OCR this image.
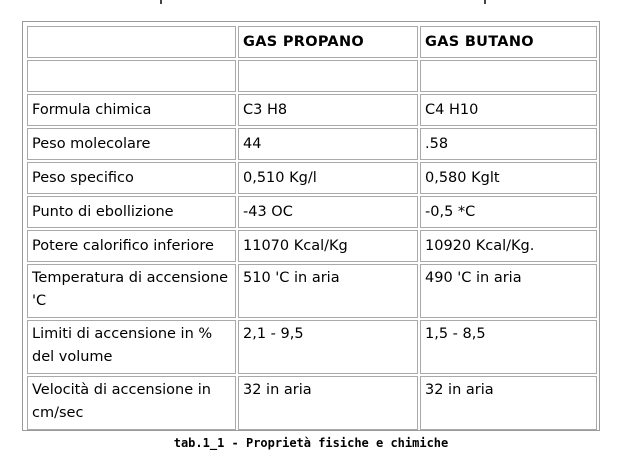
	GAS PROPANO	GAS BUTANO

Formula chimica	C3 H8	C4 H10
Peso molecolare	44	.58
Peso specifico	0,510 Kg/l	0,580 Kglt
Punto di ebollizione	-43 OC	-0,5 *C
Potere calorifico inferiore	11070 Kcal/Kg	10920 Kcal/Kg.
Temperatura di accensione 'C	510 'C in aria	490 'C in aria
Limiti di accensione in % del volume	2,1 - 9,5	1,5 - 8,5
Velocità di accensione in cm/sec	32 in aria	32 in aria
tab.1_1 - Proprietà fisiche e chimiche
